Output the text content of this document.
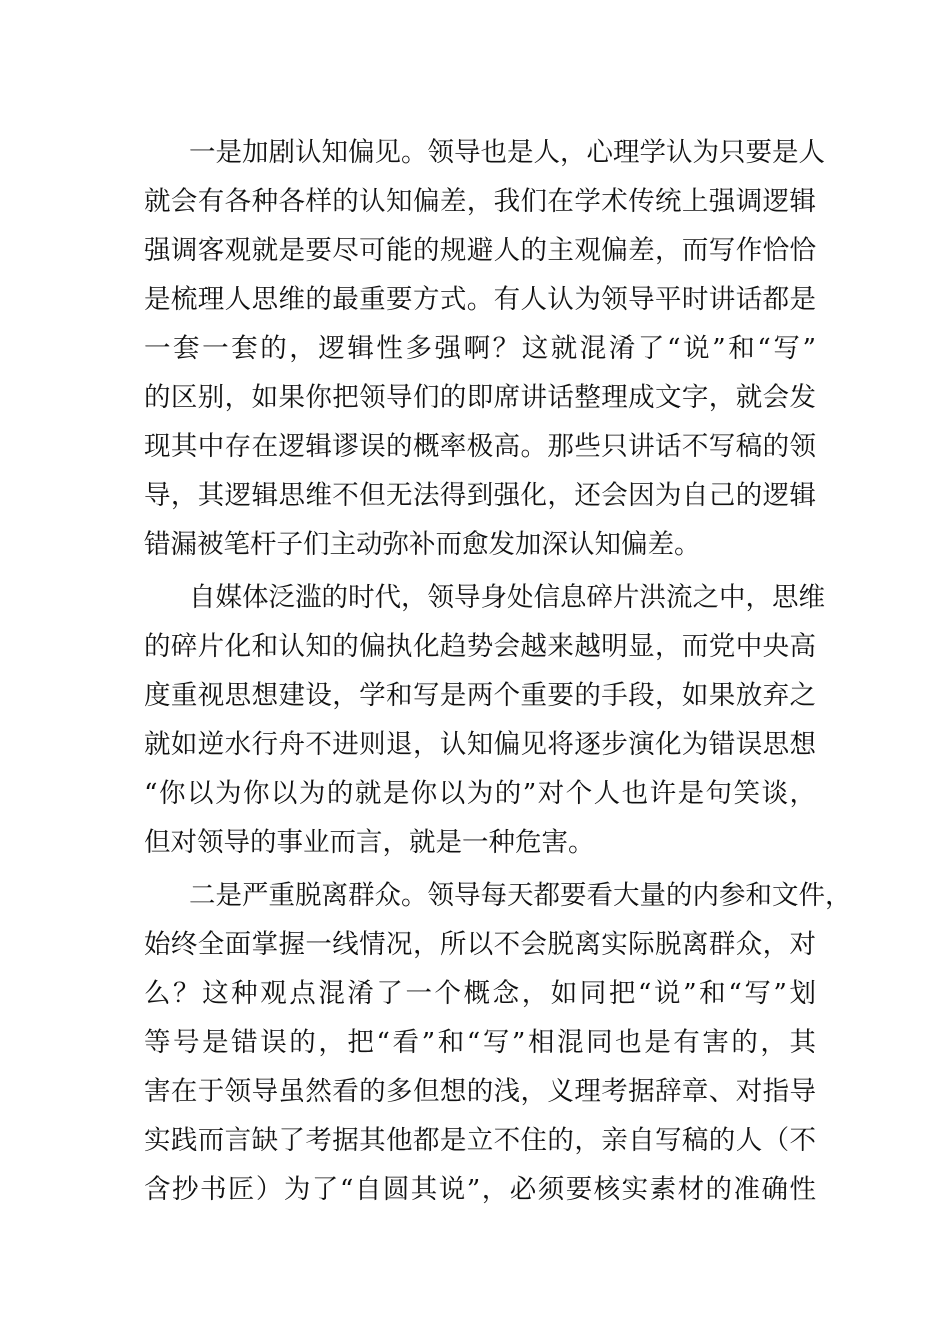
一是加剧认知偏见。领导也是人，心理学认为只要是人
就会有各种各样的认知偏差，我们在学术传统上强调逻辑
强调客观就是要尽可能的规避人的主观偏差，而写作恰恰
是梳理人思维的最重要方式。有人认为领导平时讲话都是
一套一套的，逻辑性多强啊？这就混淆了“说”和“写”
的区别，如果你把领导们的即席讲话整理成文字，就会发
现其中存在逻辑谬误的概率极高。那些只讲话不写稿的领
导，其逻辑思维不但无法得到强化，还会因为自己的逻辑
错漏被笔杆子们主动弥补而愈发加深认知偏差。
自媒体泛滥的时代，领导身处信息碎片洪流之中，思维
的碎片化和认知的偏执化趋势会越来越明显，而党中央高
度重视思想建设，学和写是两个重要的手段，如果放弃之
就如逆水行舟不进则退，认知偏见将逐步演化为错误思想
“你以为你以为的就是你以为的”对个人也许是句笑谈，
但对领导的事业而言，就是一种危害。
二是严重脱离群众。领导每天都要看大量的内参和文件，
始终全面掌握一线情况，所以不会脱离实际脱离群众，对
么？这种观点混淆了一个概念，如同把“说”和“写”划
等号是错误的，把“看”和“写”相混同也是有害的，其
害在于领导虽然看的多但想的浅，义理考据辞章、对指导
实践而言缺了考据其他都是立不住的，亲自写稿的人（不
含抄书匠）为了“自圆其说”，必须要核实素材的准确性
